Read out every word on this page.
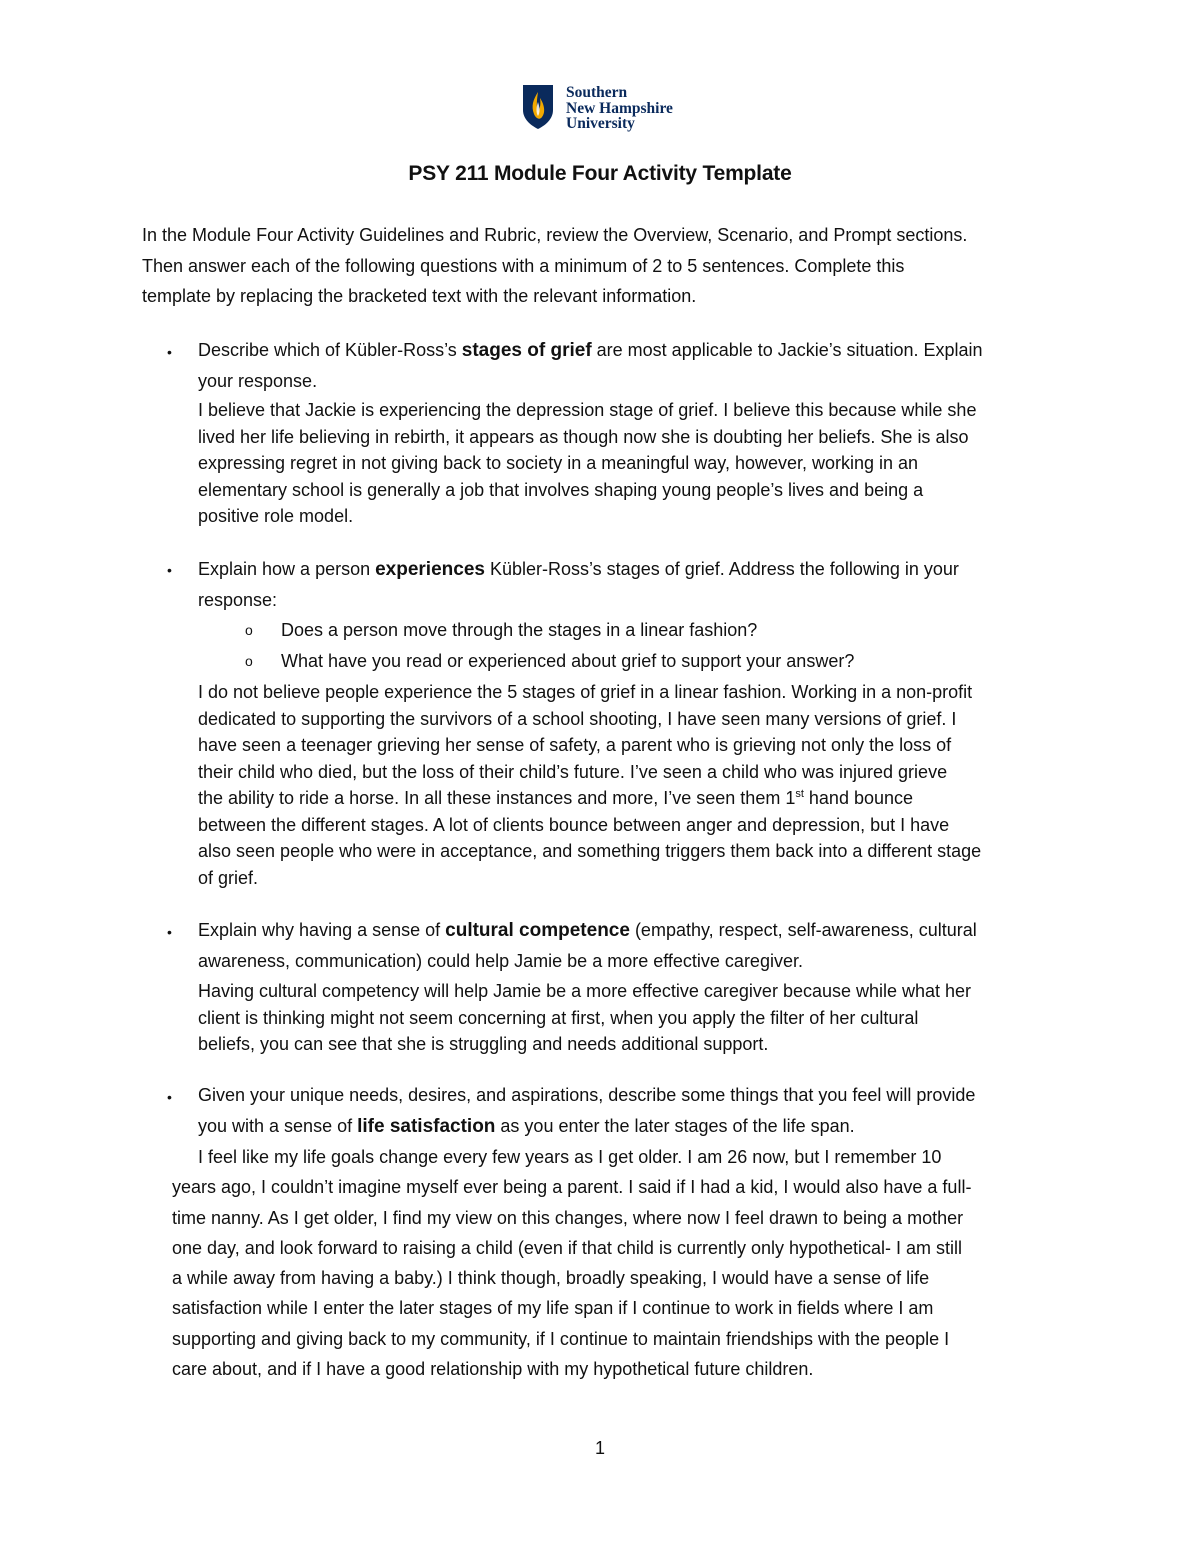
Southern
New Hampshire
University
PSY 211 Module Four Activity Template
In the Module Four Activity Guidelines and Rubric, review the Overview, Scenario, and Prompt sections.
Then answer each of the following questions with a minimum of 2 to 5 sentences. Complete this
template by replacing the bracketed text with the relevant information.
• Describe which of Kübler-Ross’s stages of grief are most applicable to Jackie’s situation. Explain
your response.
I believe that Jackie is experiencing the depression stage of grief. I believe this because while she
lived her life believing in rebirth, it appears as though now she is doubting her beliefs. She is also
expressing regret in not giving back to society in a meaningful way, however, working in an
elementary school is generally a job that involves shaping young people’s lives and being a
positive role model.
• Explain how a person experiences Kübler-Ross’s stages of grief. Address the following in your
response:
o	Does a person move through the stages in a linear fashion?
o	What have you read or experienced about grief to support your answer?
I do not believe people experience the 5 stages of grief in a linear fashion. Working in a non-profit
dedicated to supporting the survivors of a school shooting, I have seen many versions of grief. I
have seen a teenager grieving her sense of safety, a parent who is grieving not only the loss of
their child who died, but the loss of their child’s future. I’ve seen a child who was injured grieve
the ability to ride a horse. In all these instances and more, I’ve seen them 1st hand bounce
between the different stages. A lot of clients bounce between anger and depression, but I have
also seen people who were in acceptance, and something triggers them back into a different stage
of grief.
• Explain why having a sense of cultural competence (empathy, respect, self-awareness, cultural
awareness, communication) could help Jamie be a more effective caregiver.
Having cultural competency will help Jamie be a more effective caregiver because while what her
client is thinking might not seem concerning at first, when you apply the filter of her cultural
beliefs, you can see that she is struggling and needs additional support.
• Given your unique needs, desires, and aspirations, describe some things that you feel will provide
you with a sense of life satisfaction as you enter the later stages of the life span.
I feel like my life goals change every few years as I get older. I am 26 now, but I remember 10
years ago, I couldn’t imagine myself ever being a parent. I said if I had a kid, I would also have a full-
time nanny. As I get older, I find my view on this changes, where now I feel drawn to being a mother
one day, and look forward to raising a child (even if that child is currently only hypothetical- I am still
a while away from having a baby.) I think though, broadly speaking, I would have a sense of life
satisfaction while I enter the later stages of my life span if I continue to work in fields where I am
supporting and giving back to my community, if I continue to maintain friendships with the people I
care about, and if I have a good relationship with my hypothetical future children.
1
